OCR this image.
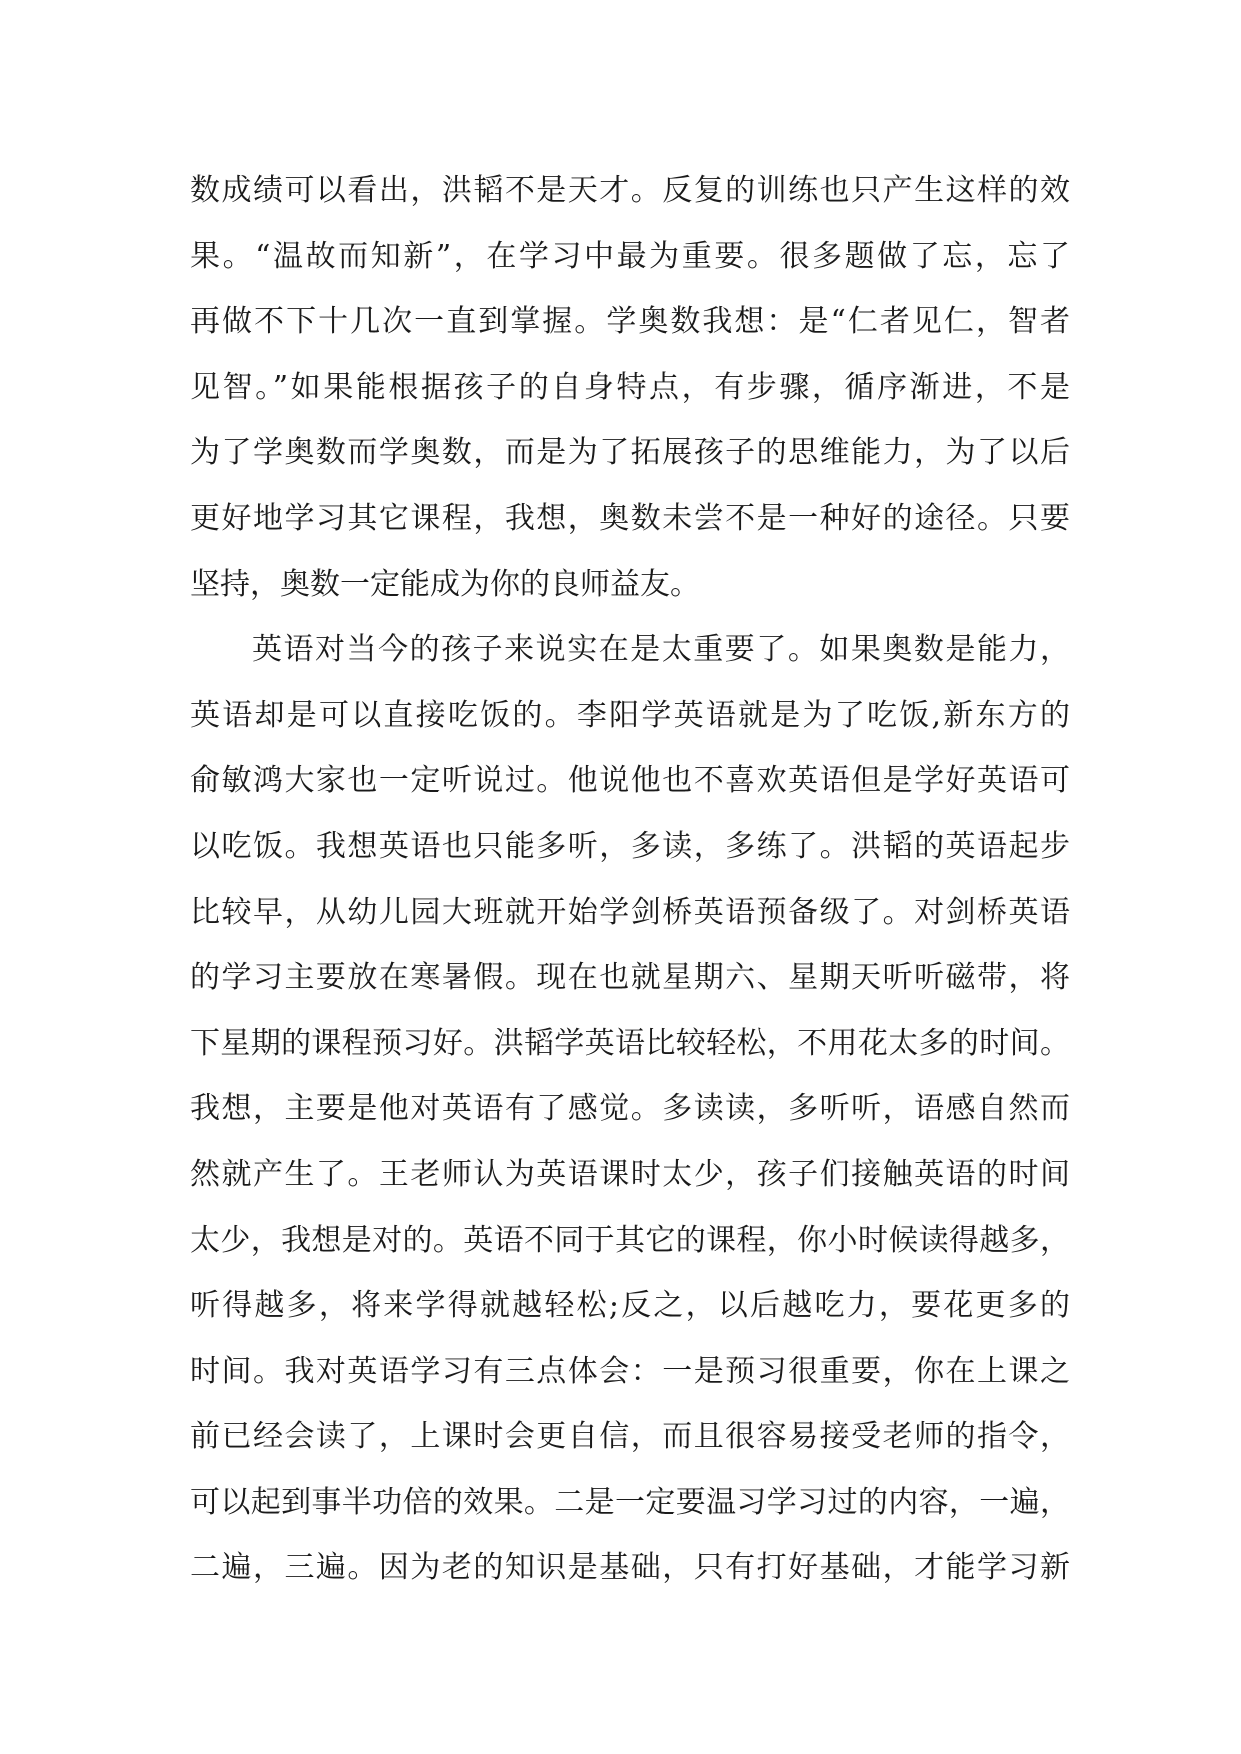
数成绩可以看出，洪韬不是天才。反复的训练也只产生这样的效
果。“温故而知新”，在学习中最为重要。很多题做了忘，忘了
再做不下十几次一直到掌握。学奥数我想：是“仁者见仁，智者
见智。”如果能根据孩子的自身特点，有步骤，循序渐进，不是
为了学奥数而学奥数，而是为了拓展孩子的思维能力，为了以后
更好地学习其它课程，我想，奥数未尝不是一种好的途径。只要
坚持，奥数一定能成为你的良师益友。
英语对当今的孩子来说实在是太重要了。如果奥数是能力，
英语却是可以直接吃饭的。李阳学英语就是为了吃饭,新东方的
俞敏鸿大家也一定听说过。他说他也不喜欢英语但是学好英语可
以吃饭。我想英语也只能多听，多读，多练了。洪韬的英语起步
比较早，从幼儿园大班就开始学剑桥英语预备级了。对剑桥英语
的学习主要放在寒暑假。现在也就星期六、星期天听听磁带，将
下星期的课程预习好。洪韬学英语比较轻松，不用花太多的时间。
我想，主要是他对英语有了感觉。多读读，多听听，语感自然而
然就产生了。王老师认为英语课时太少，孩子们接触英语的时间
太少，我想是对的。英语不同于其它的课程，你小时候读得越多，
听得越多，将来学得就越轻松;反之，以后越吃力，要花更多的
时间。我对英语学习有三点体会：一是预习很重要，你在上课之
前已经会读了，上课时会更自信，而且很容易接受老师的指令，
可以起到事半功倍的效果。二是一定要温习学习过的内容，一遍，
二遍，三遍。因为老的知识是基础，只有打好基础，才能学习新
